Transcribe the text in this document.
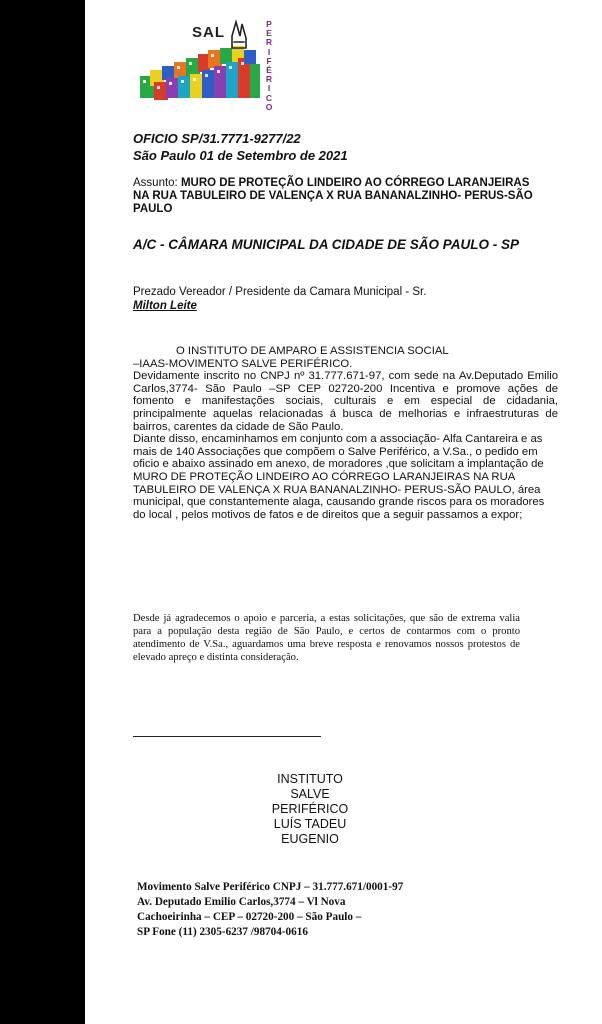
SAL	P
E
R
I
F
É
R
I
C
O
OFICIO SP/31.7771-9277/22
São Paulo 01 de Setembro de 2021
Assunto: MURO DE PROTEÇÃO LINDEIRO AO CÓRREGO LARANJEIRAS NA RUA TABULEIRO DE VALENÇA X RUA BANANALZINHO- PERUS-SÃO PAULO
A/C - CÂMARA MUNICIPAL DA CIDADE DE SÃO PAULO - SP
Prezado Vereador / Presidente da Camara Municipal - Sr.
Milton Leite

O INSTITUTO DE AMPARO E ASSISTENCIA SOCIAL

–IAAS-MOVIMENTO SALVE PERIFÉRICO.

Devidamente inscrito no CNPJ nº 31.777.671-97, com sede na Av.Deputado Emilio Carlos,3774- São Paulo –SP CEP 02720-200 Incentiva e promove ações de fomento e manifestações sociais, culturais e em especial de cidadania, principalmente aquelas relacionadas á busca de melhorias e infraestruturas de bairros, carentes da cidade de São Paulo.

Diante disso, encaminhamos em conjunto com a associação- Alfa Cantareira e as mais de 140 Associações que compõem o Salve Periférico, a V.Sa., o pedido em oficio e abaixo assinado em anexo, de moradores ,que solicitam a implantação de MURO DE PROTEÇÃO LINDEIRO AO CÓRREGO LARANJEIRAS NA RUA TABULEIRO DE VALENÇA X RUA BANANALZINHO- PERUS-SÃO PAULO, área municipal, que constantemente alaga, causando grande riscos para os moradores do local , pelos motivos de fatos e de direitos que a seguir passamos a expor;

Desde já agradecemos o apoio e parceria, a estas solicitações, que são de extrema valia para a população desta região de São Paulo, e certos de contarmos com o pronto atendimento de V.Sa., aguardamos uma breve resposta e renovamos nossos protestos de elevado apreço e distinta consideração.
INSTITUTO
SALVE
PERIFÉRICO
LUÍS TADEU
EUGENIO
Movimento Salve Periférico CNPJ – 31.777.671/0001-97
Av. Deputado Emilio Carlos,3774 – Vl Nova
Cachoeirinha – CEP – 02720-200 – São Paulo –
SP Fone (11) 2305-6237 /98704-0616
